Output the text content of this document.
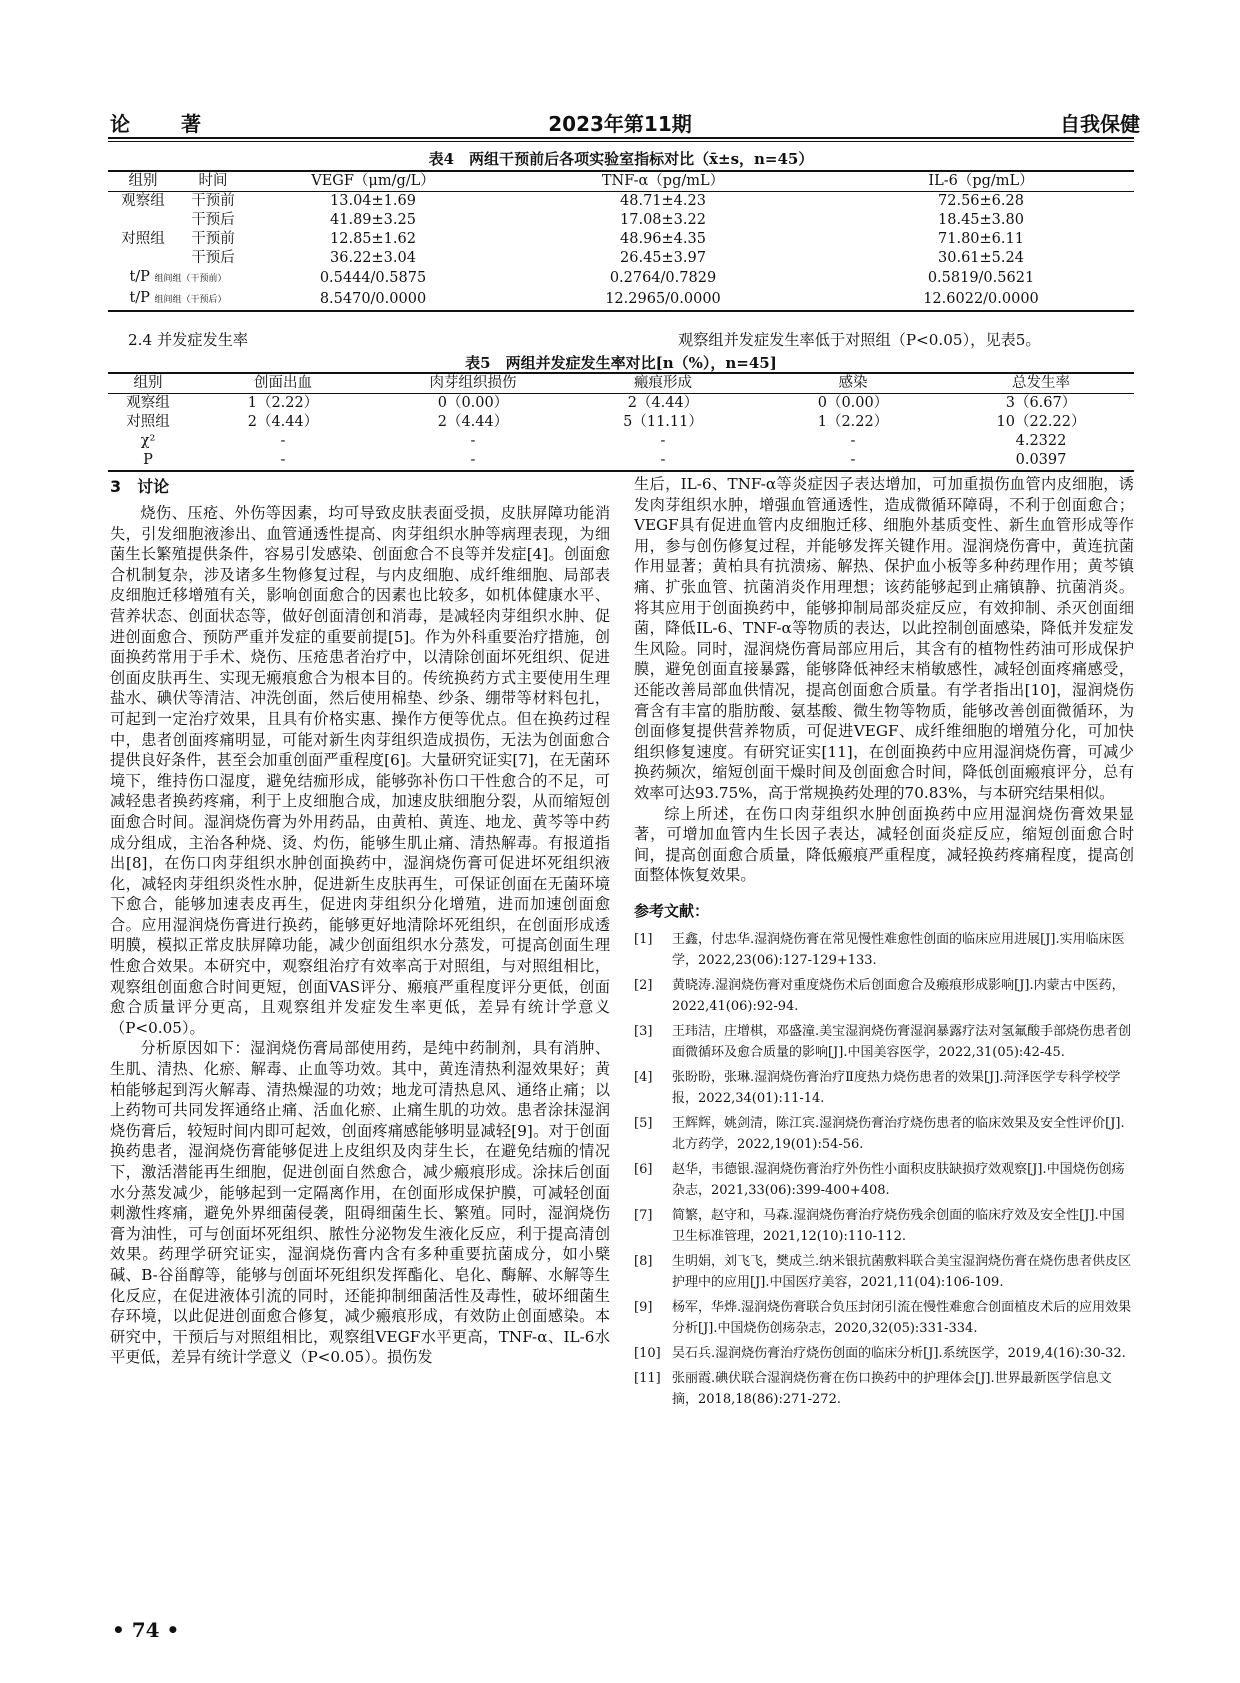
论 著	2023年第11期	自我保健
表4　两组干预前后各项实验室指标对比（x̄±s，n=45）
组别	时间	VEGF（μm/g/L）	TNF-α（pg/mL）	IL-6（pg/mL）
观察组	干预前	13.04±1.69	48.71±4.23	72.56±6.28
	干预后	41.89±3.25	17.08±3.22	18.45±3.80
对照组	干预前	12.85±1.62	48.96±4.35	71.80±6.11
	干预后	36.22±3.04	26.45±3.97	30.61±5.24
t/P 组间组（干预前）		0.5444/0.5875	0.2764/0.7829	0.5819/0.5621
t/P 组间组（干预后）		8.5470/0.0000	12.2965/0.0000	12.6022/0.0000
2.4 并发症发生率	观察组并发症发生率低于对照组（P<0.05），见表5。
表5　两组并发症发生率对比[n（%），n=45]
组别	创面出血	肉芽组织损伤	瘢痕形成	感染	总发生率
观察组	1（2.22）	0（0.00）	2（4.44）	0（0.00）	3（6.67）
对照组	2（4.44）	2（4.44）	5（11.11）	1（2.22）	10（22.22）
χ²	-	-	-	-	4.2322
P	-	-	-	-	0.0397
3　讨论

烧伤、压疮、外伤等因素，均可导致皮肤表面受损，皮肤屏障功能消失，引发细胞液渗出、血管通透性提高、肉芽组织水肿等病理表现，为细菌生长繁殖提供条件，容易引发感染、创面愈合不良等并发症[4]。创面愈合机制复杂，涉及诸多生物修复过程，与内皮细胞、成纤维细胞、局部表皮细胞迁移增殖有关，影响创面愈合的因素也比较多，如机体健康水平、营养状态、创面状态等，做好创面清创和消毒，是减轻肉芽组织水肿、促进创面愈合、预防严重并发症的重要前提[5]。作为外科重要治疗措施，创面换药常用于手术、烧伤、压疮患者治疗中，以清除创面坏死组织、促进创面皮肤再生、实现无瘢痕愈合为根本目的。传统换药方式主要使用生理盐水、碘伏等清洁、冲洗创面，然后使用棉垫、纱条、绷带等材料包扎，可起到一定治疗效果，且具有价格实惠、操作方便等优点。但在换药过程中，患者创面疼痛明显，可能对新生肉芽组织造成损伤，无法为创面愈合提供良好条件，甚至会加重创面严重程度[6]。大量研究证实[7]，在无菌环境下，维持伤口湿度，避免结痂形成，能够弥补伤口干性愈合的不足，可减轻患者换药疼痛，利于上皮细胞合成，加速皮肤细胞分裂，从而缩短创面愈合时间。湿润烧伤膏为外用药品，由黄柏、黄连、地龙、黄芩等中药成分组成，主治各种烧、烫、灼伤，能够生肌止痛、清热解毒。有报道指出[8]，在伤口肉芽组织水肿创面换药中，湿润烧伤膏可促进坏死组织液化，减轻肉芽组织炎性水肿，促进新生皮肤再生，可保证创面在无菌环境下愈合，能够加速表皮再生，促进肉芽组织分化增殖，进而加速创面愈合。应用湿润烧伤膏进行换药，能够更好地清除坏死组织，在创面形成透明膜，模拟正常皮肤屏障功能，减少创面组织水分蒸发，可提高创面生理性愈合效果。本研究中，观察组治疗有效率高于对照组，与对照组相比，观察组创面愈合时间更短，创面VAS评分、瘢痕严重程度评分更低，创面愈合质量评分更高，且观察组并发症发生率更低，差异有统计学意义（P<0.05）。

分析原因如下：湿润烧伤膏局部使用药，是纯中药制剂，具有消肿、生肌、清热、化瘀、解毒、止血等功效。其中，黄连清热利湿效果好；黄柏能够起到泻火解毒、清热燥湿的功效；地龙可清热息风、通络止痛；以上药物可共同发挥通络止痛、活血化瘀、止痛生肌的功效。患者涂抹湿润烧伤膏后，较短时间内即可起效，创面疼痛感能够明显减轻[9]。对于创面换药患者，湿润烧伤膏能够促进上皮组织及肉芽生长，在避免结痂的情况下，激活潜能再生细胞，促进创面自然愈合，减少瘢痕形成。涂抹后创面水分蒸发减少，能够起到一定隔离作用，在创面形成保护膜，可减轻创面刺激性疼痛，避免外界细菌侵袭，阻碍细菌生长、繁殖。同时，湿润烧伤膏为油性，可与创面坏死组织、脓性分泌物发生液化反应，利于提高清创效果。药理学研究证实，湿润烧伤膏内含有多种重要抗菌成分，如小檗碱、B-谷甾醇等，能够与创面坏死组织发挥酯化、皂化、酶解、水解等生化反应，在促进液体引流的同时，还能抑制细菌活性及毒性，破坏细菌生存环境，以此促进创面愈合修复，减少瘢痕形成，有效防止创面感染。本研究中，干预后与对照组相比，观察组VEGF水平更高，TNF-α、IL-6水平更低，差异有统计学意义（P<0.05）。损伤发

生后，IL-6、TNF-α等炎症因子表达增加，可加重损伤血管内皮细胞，诱发肉芽组织水肿，增强血管通透性，造成微循环障碍，不利于创面愈合；VEGF具有促进血管内皮细胞迁移、细胞外基质变性、新生血管形成等作用，参与创伤修复过程，并能够发挥关键作用。湿润烧伤膏中，黄连抗菌作用显著；黄柏具有抗溃疡、解热、保护血小板等多种药理作用；黄芩镇痛、扩张血管、抗菌消炎作用理想；该药能够起到止痛镇静、抗菌消炎。将其应用于创面换药中，能够抑制局部炎症反应，有效抑制、杀灭创面细菌，降低IL-6、TNF-α等物质的表达，以此控制创面感染，降低并发症发生风险。同时，湿润烧伤膏局部应用后，其含有的植物性药油可形成保护膜，避免创面直接暴露，能够降低神经末梢敏感性，减轻创面疼痛感受，还能改善局部血供情况，提高创面愈合质量。有学者指出[10]，湿润烧伤膏含有丰富的脂肪酸、氨基酸、微生物等物质，能够改善创面微循环，为创面修复提供营养物质，可促进VEGF、成纤维细胞的增殖分化，可加快组织修复速度。有研究证实[11]，在创面换药中应用湿润烧伤膏，可减少换药频次，缩短创面干燥时间及创面愈合时间，降低创面瘢痕评分，总有效率可达93.75%，高于常规换药处理的70.83%，与本研究结果相似。

综上所述，在伤口肉芽组织水肿创面换药中应用湿润烧伤膏效果显著，可增加血管内生长因子表达，减轻创面炎症反应，缩短创面愈合时间，提高创面愈合质量，降低瘢痕严重程度，减轻换药疼痛程度，提高创面整体恢复效果。

参考文献：
[1] 王鑫，付忠华.湿润烧伤膏在常见慢性难愈性创面的临床应用进展[J].实用临床医学，2022,23(06):127-129+133.
[2] 黄晓涛.湿润烧伤膏对重度烧伤术后创面愈合及瘢痕形成影响[J].内蒙古中医药，2022,41(06):92-94.
[3] 王玮洁，庄增棋，邓盛潼.美宝湿润烧伤膏湿润暴露疗法对氢氟酸手部烧伤患者创面微循环及愈合质量的影响[J].中国美容医学，2022,31(05):42-45.
[4] 张盼盼，张琳.湿润烧伤膏治疗Ⅱ度热力烧伤患者的效果[J].菏泽医学专科学校学报，2022,34(01):11-14.
[5] 王辉辉，姚剑清，陈江宾.湿润烧伤膏治疗烧伤患者的临床效果及安全性评价[J].北方药学，2022,19(01):54-56.
[6] 赵华，韦德银.湿润烧伤膏治疗外伤性小面积皮肤缺损疗效观察[J].中国烧伤创疡杂志，2021,33(06):399-400+408.
[7] 简繁，赵守和，马森.湿润烧伤膏治疗烧伤残余创面的临床疗效及安全性[J].中国卫生标准管理，2021,12(10):110-112.
[8] 生明娟，刘飞飞，樊成兰.纳米银抗菌敷料联合美宝湿润烧伤膏在烧伤患者供皮区护理中的应用[J].中国医疗美容，2021,11(04):106-109.
[9] 杨军，华烨.湿润烧伤膏联合负压封闭引流在慢性难愈合创面植皮术后的应用效果分析[J].中国烧伤创疡杂志，2020,32(05):331-334.
[10] 吴石兵.湿润烧伤膏治疗烧伤创面的临床分析[J].系统医学，2019,4(16):30-32.
[11] 张丽霞.碘伏联合湿润烧伤膏在伤口换药中的护理体会[J].世界最新医学信息文摘，2018,18(86):271-272.
• 74 •
